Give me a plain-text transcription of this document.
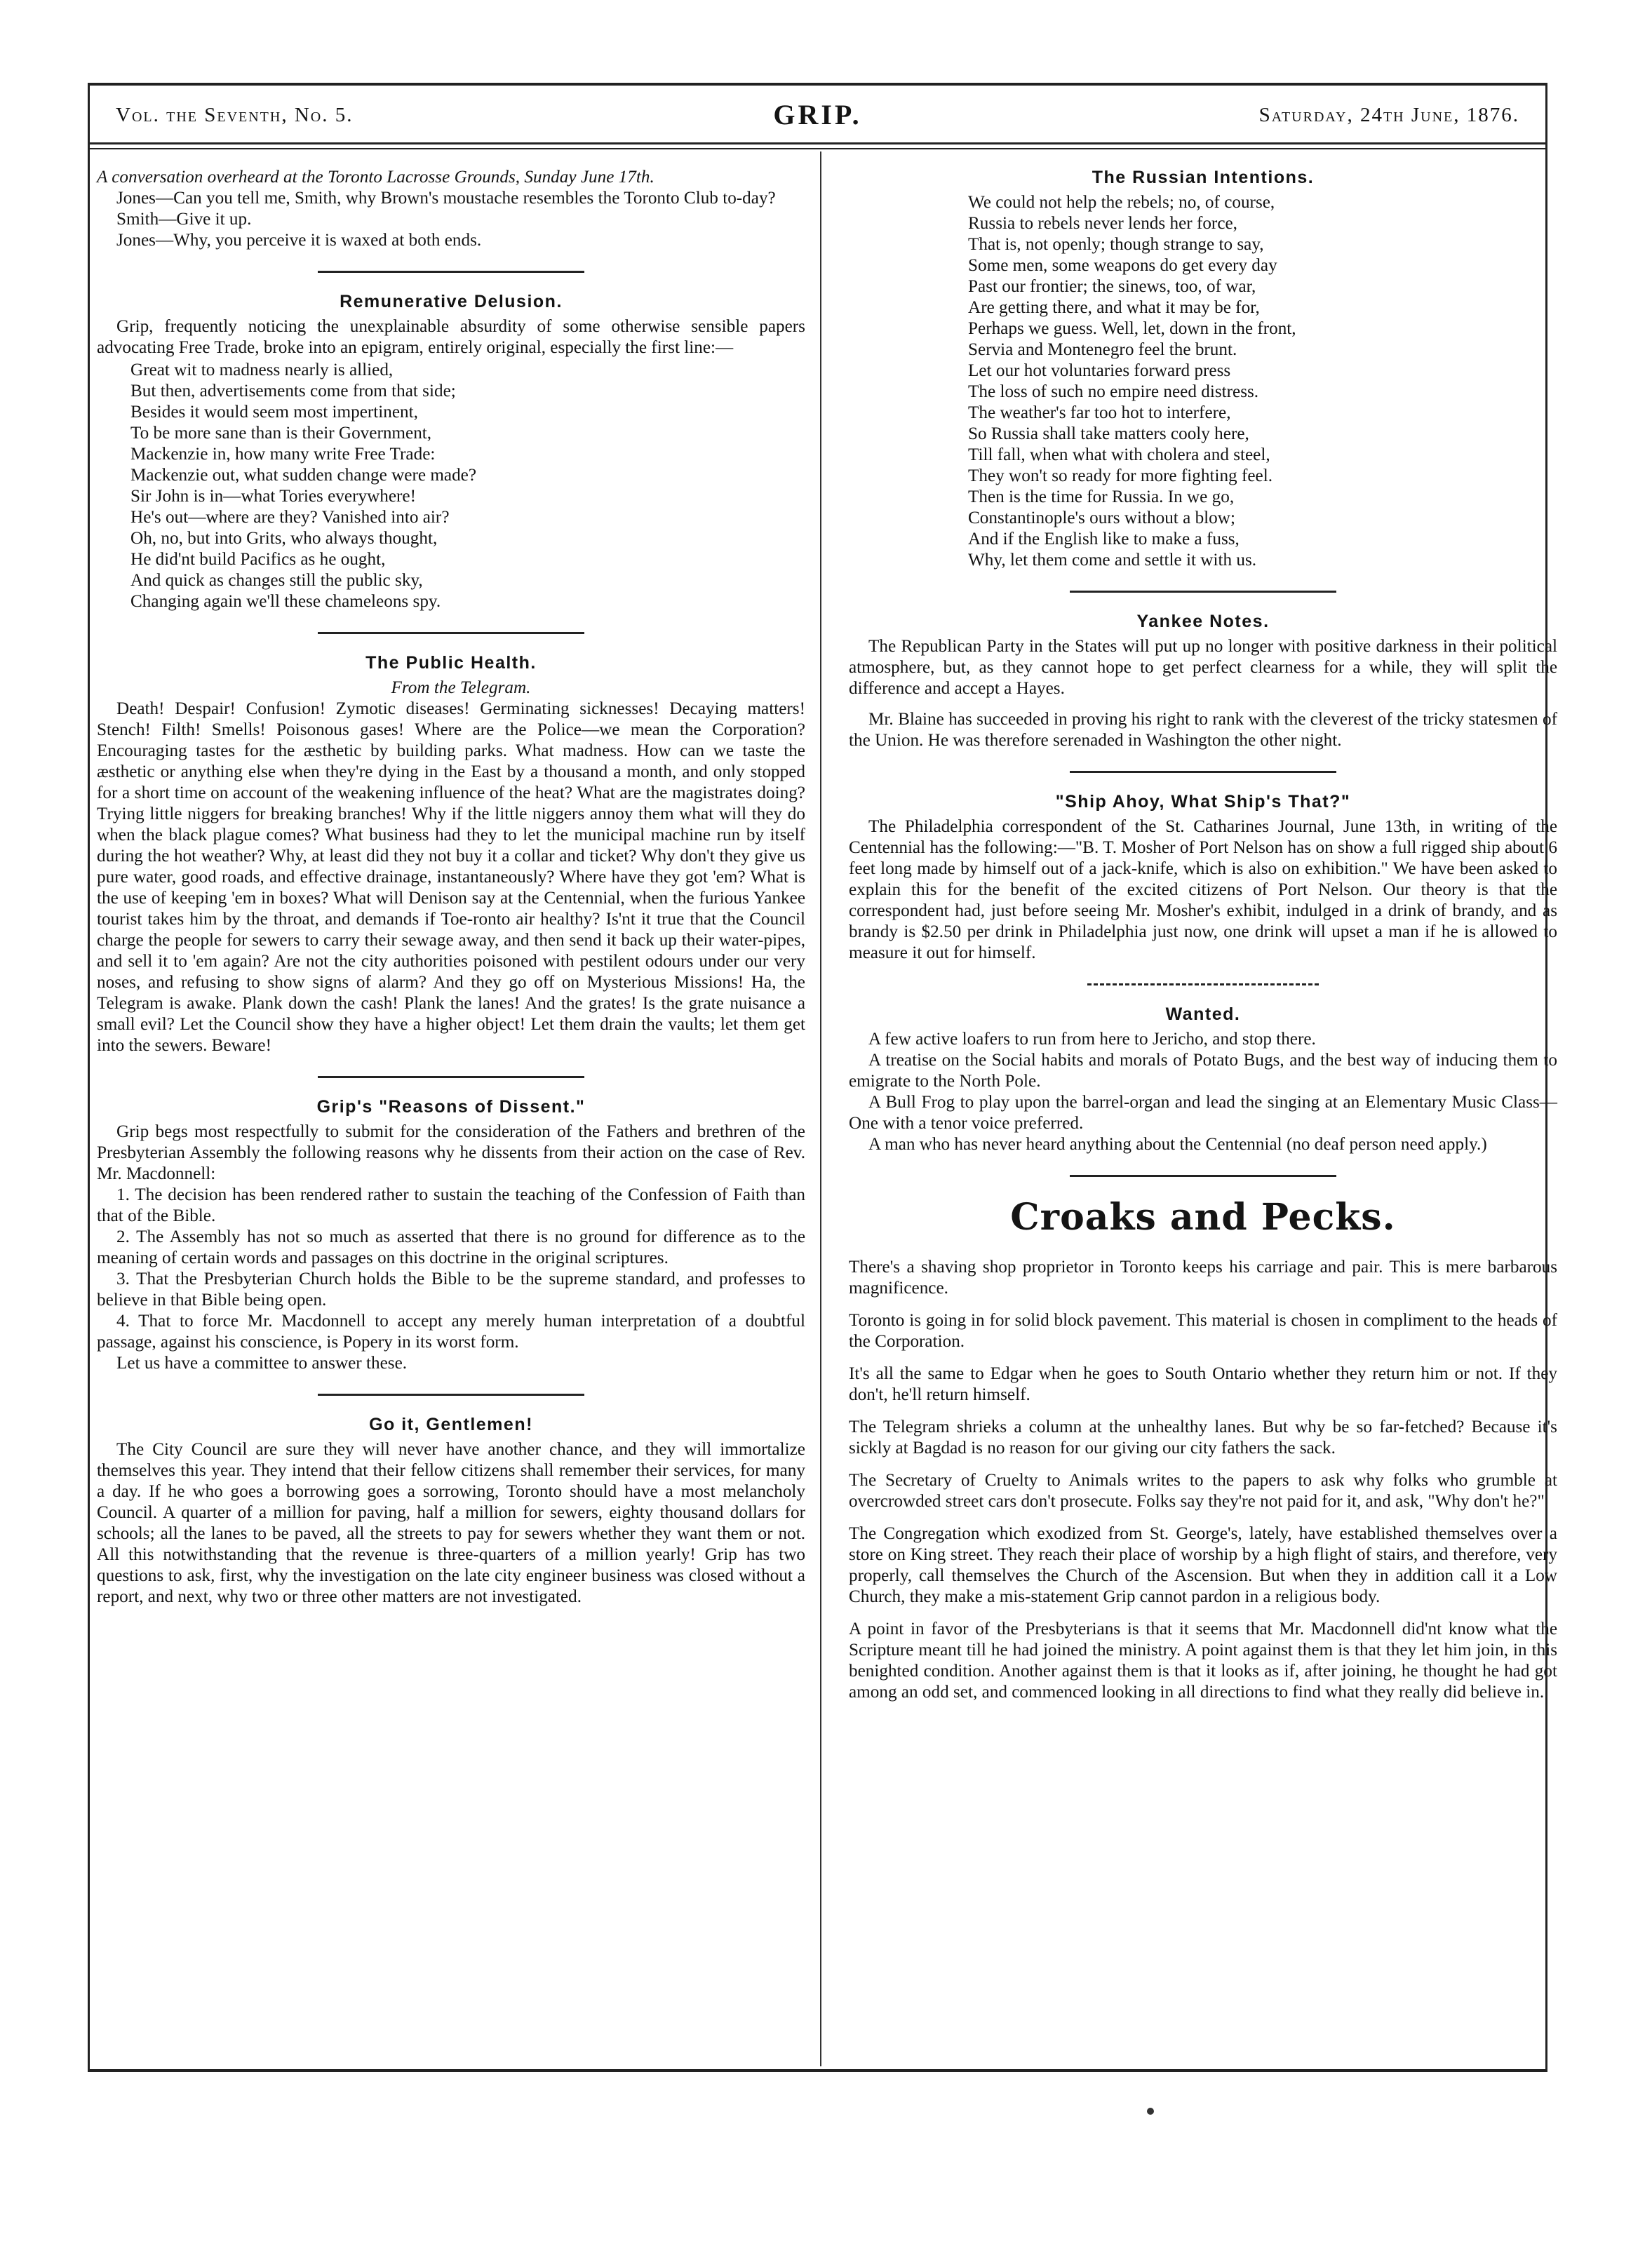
Vol. the Seventh, No. 5.	GRIP.	Saturday, 24th June, 1876.

A conversation overheard at the Toronto Lacrosse Grounds, Sunday June 17th.

Jones—Can you tell me, Smith, why Brown's moustache resembles the Toronto Club to-day?

Smith—Give it up.

Jones—Why, you perceive it is waxed at both ends.

Remunerative Delusion.

Grip, frequently noticing the unexplainable absurdity of some otherwise sensible papers advocating Free Trade, broke into an epigram, entirely original, especially the first line:—

Great wit to madness nearly is allied,
But then, advertisements come from that side;
Besides it would seem most impertinent,
To be more sane than is their Government,
Mackenzie in, how many write Free Trade:
Mackenzie out, what sudden change were made?
Sir John is in—what Tories everywhere!
He's out—where are they? Vanished into air?
Oh, no, but into Grits, who always thought,
He did'nt build Pacifics as he ought,
And quick as changes still the public sky,
Changing again we'll these chameleons spy.
The Public Health.

From the Telegram.

Death! Despair! Confusion! Zymotic diseases! Germinating sicknesses! Decaying matters! Stench! Filth! Smells! Poisonous gases! Where are the Police—we mean the Corporation? Encouraging tastes for the æsthetic by building parks. What madness. How can we taste the æsthetic or anything else when they're dying in the East by a thousand a month, and only stopped for a short time on account of the weakening influence of the heat? What are the magistrates doing? Trying little niggers for breaking branches! Why if the little niggers annoy them what will they do when the black plague comes? What business had they to let the municipal machine run by itself during the hot weather? Why, at least did they not buy it a collar and ticket? Why don't they give us pure water, good roads, and effective drainage, instantaneously? Where have they got 'em? What is the use of keeping 'em in boxes? What will Denison say at the Centennial, when the furious Yankee tourist takes him by the throat, and demands if Toe-ronto air healthy? Is'nt it true that the Council charge the people for sewers to carry their sewage away, and then send it back up their water-pipes, and sell it to 'em again? Are not the city authorities poisoned with pestilent odours under our very noses, and refusing to show signs of alarm? And they go off on Mysterious Missions! Ha, the Telegram is awake. Plank down the cash! Plank the lanes! And the grates! Is the grate nuisance a small evil? Let the Council show they have a higher object! Let them drain the vaults; let them get into the sewers. Beware!

Grip's "Reasons of Dissent."

Grip begs most respectfully to submit for the consideration of the Fathers and brethren of the Presbyterian Assembly the following reasons why he dissents from their action on the case of Rev. Mr. Macdonnell:

1. The decision has been rendered rather to sustain the teaching of the Confession of Faith than that of the Bible.

2. The Assembly has not so much as asserted that there is no ground for difference as to the meaning of certain words and passages on this doctrine in the original scriptures.

3. That the Presbyterian Church holds the Bible to be the supreme standard, and professes to believe in that Bible being open.

4. That to force Mr. Macdonnell to accept any merely human interpretation of a doubtful passage, against his conscience, is Popery in its worst form.

Let us have a committee to answer these.

Go it, Gentlemen!

The City Council are sure they will never have another chance, and they will immortalize themselves this year. They intend that their fellow citizens shall remember their services, for many a day. If he who goes a borrowing goes a sorrowing, Toronto should have a most melancholy Council. A quarter of a million for paving, half a million for sewers, eighty thousand dollars for schools; all the lanes to be paved, all the streets to pay for sewers whether they want them or not. All this notwithstanding that the revenue is three-quarters of a million yearly! Grip has two questions to ask, first, why the investigation on the late city engineer business was closed without a report, and next, why two or three other matters are not investigated.

The Russian Intentions.
We could not help the rebels; no, of course,
Russia to rebels never lends her force,
That is, not openly; though strange to say,
Some men, some weapons do get every day
Past our frontier; the sinews, too, of war,
Are getting there, and what it may be for,
Perhaps we guess. Well, let, down in the front,
Servia and Montenegro feel the brunt.
Let our hot voluntaries forward press
The loss of such no empire need distress.
The weather's far too hot to interfere,
So Russia shall take matters cooly here,
Till fall, when what with cholera and steel,
They won't so ready for more fighting feel.
Then is the time for Russia. In we go,
Constantinople's ours without a blow;
And if the English like to make a fuss,
Why, let them come and settle it with us.
Yankee Notes.

The Republican Party in the States will put up no longer with positive darkness in their political atmosphere, but, as they cannot hope to get perfect clearness for a while, they will split the difference and accept a Hayes.

Mr. Blaine has succeeded in proving his right to rank with the cleverest of the tricky statesmen of the Union. He was therefore serenaded in Washington the other night.

"Ship Ahoy, What Ship's That?"

The Philadelphia correspondent of the St. Catharines Journal, June 13th, in writing of the Centennial has the following:—"B. T. Mosher of Port Nelson has on show a full rigged ship about 6 feet long made by himself out of a jack-knife, which is also on exhibition." We have been asked to explain this for the benefit of the excited citizens of Port Nelson. Our theory is that the correspondent had, just before seeing Mr. Mosher's exhibit, indulged in a drink of brandy, and as brandy is $2.50 per drink in Philadelphia just now, one drink will upset a man if he is allowed to measure it out for himself.

Wanted.

A few active loafers to run from here to Jericho, and stop there.

A treatise on the Social habits and morals of Potato Bugs, and the best way of inducing them to emigrate to the North Pole.

A Bull Frog to play upon the barrel-organ and lead the singing at an Elementary Music Class—One with a tenor voice preferred.

A man who has never heard anything about the Centennial (no deaf person need apply.)

Croaks and Pecks.

There's a shaving shop proprietor in Toronto keeps his carriage and pair. This is mere barbarous magnificence.

Toronto is going in for solid block pavement. This material is chosen in compliment to the heads of the Corporation.

It's all the same to Edgar when he goes to South Ontario whether they return him or not. If they don't, he'll return himself.

The Telegram shrieks a column at the unhealthy lanes. But why be so far-fetched? Because it's sickly at Bagdad is no reason for our giving our city fathers the sack.

The Secretary of Cruelty to Animals writes to the papers to ask why folks who grumble at overcrowded street cars don't prosecute. Folks say they're not paid for it, and ask, "Why don't he?"

The Congregation which exodized from St. George's, lately, have established themselves over a store on King street. They reach their place of worship by a high flight of stairs, and therefore, very properly, call themselves the Church of the Ascension. But when they in addition call it a Low Church, they make a mis-statement Grip cannot pardon in a religious body.

A point in favor of the Presbyterians is that it seems that Mr. Macdonnell did'nt know what the Scripture meant till he had joined the ministry. A point against them is that they let him join, in this benighted condition. Another against them is that it looks as if, after joining, he thought he had got among an odd set, and commenced looking in all directions to find what they really did believe in.
